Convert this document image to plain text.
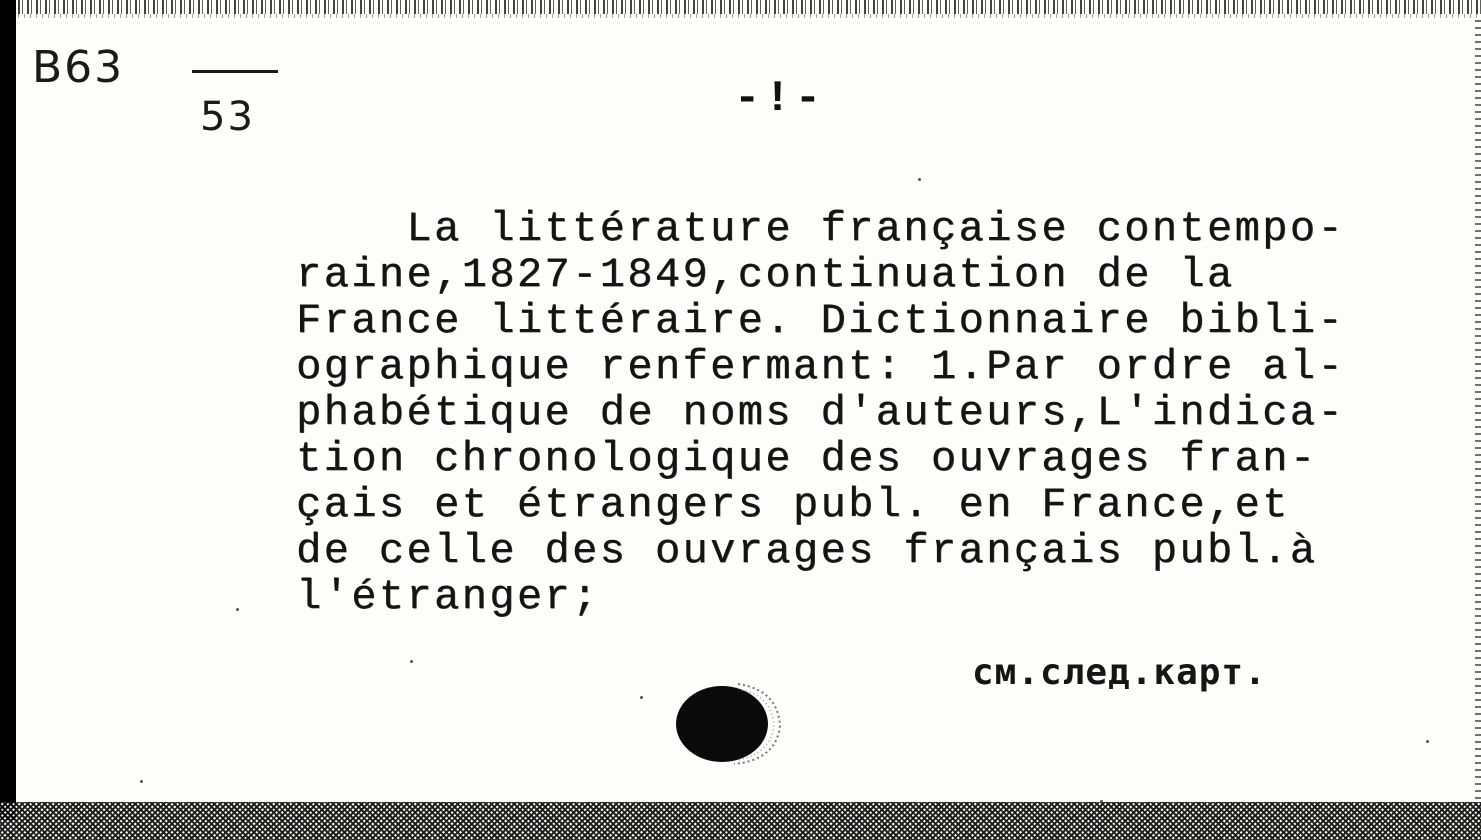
B63
53	-!-
La littérature française contempo-
raine,1827-1849,continuation de la
France littéraire. Dictionnaire bibli-
ographique renfermant: 1.Par ordre al-
phabétique de noms d'auteurs,L'indica-
tion chronologique des ouvrages fran-
çais et étrangers publ. en France,et
de celle des ouvrages français publ.à
l'étranger;
см.след.карт.
